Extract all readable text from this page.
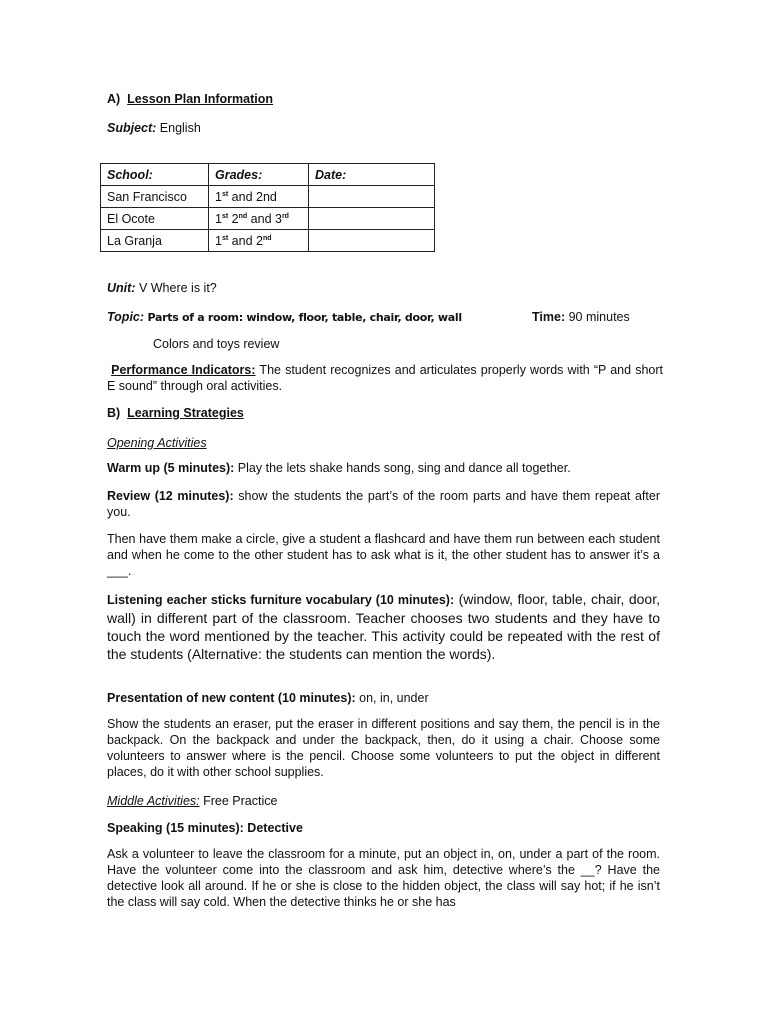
A) Lesson Plan Information

Subject: English

School:	Grades:	Date:
San Francisco	1st and 2nd	
El Ocote	1st 2nd and 3rd	
La Granja	1st and 2nd	

Unit: V Where is it?

Topic: Parts of a room: window, floor, table, chair, door, wall	Time: 90 minutes

Colors and toys review

Performance Indicators: The student recognizes and articulates properly words with “P and short E sound” through oral activities.

B) Learning Strategies

Opening Activities

Warm up (5 minutes): Play the lets shake hands song, sing and dance all together.

Review (12 minutes): show the students the part’s of the room parts and have them repeat after you.

Then have them make a circle, give a student a flashcard and have them run between each student and when he come to the other student has to ask what is it, the other student has to answer it’s a ___.

Listening eacher sticks furniture vocabulary (10 minutes): (window, floor, table, chair, door, wall) in different part of the classroom. Teacher chooses two students and they have to touch the word mentioned by the teacher. This activity could be repeated with the rest of the students (Alternative: the students can mention the words).

Presentation of new content (10 minutes): on, in, under

Show the students an eraser, put the eraser in different positions and say them, the pencil is in the backpack. On the backpack and under the backpack, then, do it using a chair. Choose some volunteers to answer where is the pencil. Choose some volunteers to put the object in different places, do it with other school supplies.

Middle Activities: Free Practice

Speaking (15 minutes): Detective

Ask a volunteer to leave the classroom for a minute, put an object in, on, under a part of the room. Have the volunteer come into the classroom and ask him, detective where’s the __? Have the detective look all around. If he or she is close to the hidden object, the class will say hot; if he isn’t the class will say cold. When the detective thinks he or she has
